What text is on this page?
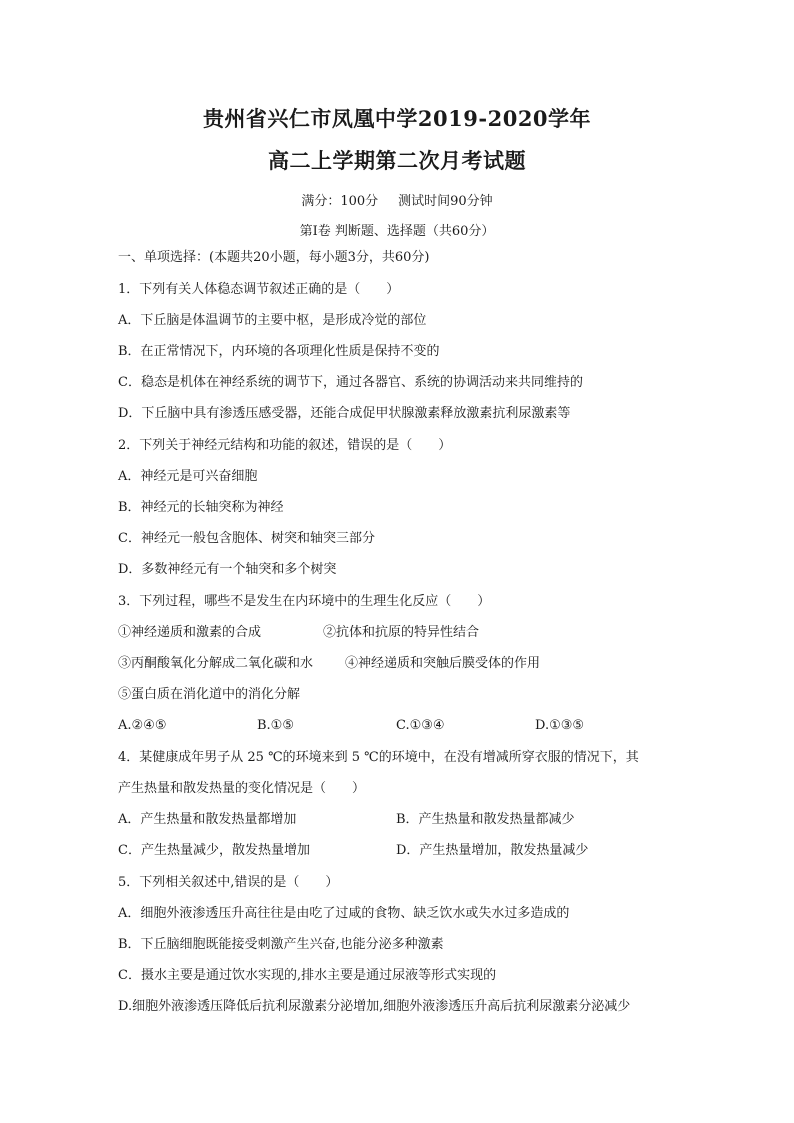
贵州省兴仁市凤凰中学2019-2020学年
高二上学期第二次月考试题
满分：100分 测试时间90分钟
第Ⅰ卷 判断题、选择题（共60分）
一、单项选择：(本题共20小题，每小题3分，共60分)
1．下列有关人体稳态调节叙述正确的是（　　）
A．下丘脑是体温调节的主要中枢，是形成冷觉的部位
B．在正常情况下，内环境的各项理化性质是保持不变的
C．稳态是机体在神经系统的调节下，通过各器官、系统的协调活动来共同维持的
D．下丘脑中具有渗透压感受器，还能合成促甲状腺激素释放激素抗利尿激素等
2．下列关于神经元结构和功能的叙述，错误的是（　　）
A．神经元是可兴奋细胞
B．神经元的长轴突称为神经
C．神经元一般包含胞体、树突和轴突三部分
D．多数神经元有一个轴突和多个树突
3．下列过程，哪些不是发生在内环境中的生理生化反应（　　）
①神经递质和激素的合成	②抗体和抗原的特异性结合
③丙酮酸氧化分解成二氧化碳和水 ④神经递质和突触后膜受体的作用
⑤蛋白质在消化道中的消化分解
A.②④⑤	B.①⑤	C.①③④	D.①③⑤
4．某健康成年男子从 25 ℃的环境来到 5 ℃的环境中，在没有增减所穿衣服的情况下，其
产生热量和散发热量的变化情况是（　　）
A．产生热量和散发热量都增加	B．产生热量和散发热量都减少
C．产生热量减少，散发热量增加	D．产生热量增加，散发热量减少
5．下列相关叙述中,错误的是（　　）
A．细胞外液渗透压升高往往是由吃了过咸的食物、缺乏饮水或失水过多造成的
B．下丘脑细胞既能接受刺激产生兴奋,也能分泌多种激素
C．摄水主要是通过饮水实现的,排水主要是通过尿液等形式实现的
D.细胞外液渗透压降低后抗利尿激素分泌增加,细胞外液渗透压升高后抗利尿激素分泌减少
